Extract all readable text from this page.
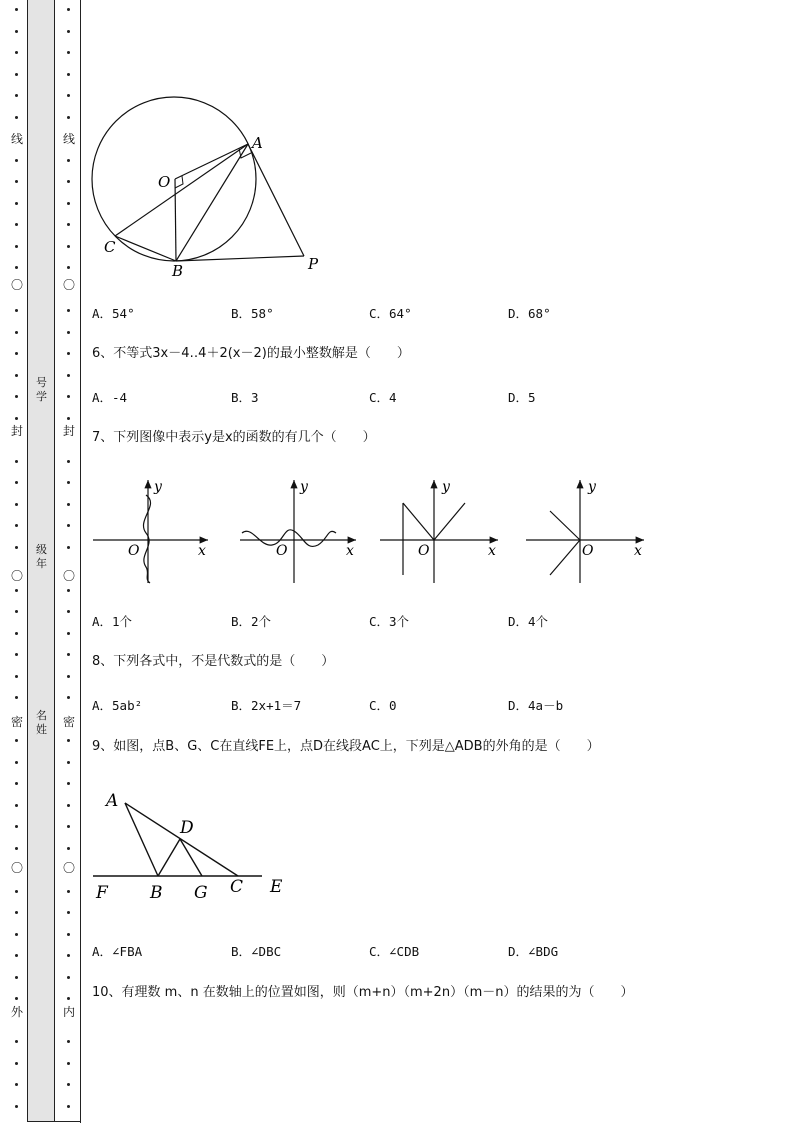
线
〇
封
〇
密
〇
外
线
〇
封
〇
密
〇
内
号
学
级
年
名
姓
A
O
C
B	P
A．54°	B．58°	C．64°	D．68°
6、不等式3x－4‥4＋2(x－2)的最小整数解是（　　）
A．-4	B．3	C．4	D．5
7、下列图像中表示y是x的函数的有几个（　　）
y
O	x
y
O	x
y
O	x
y
O	x
A．1个	B．2个	C．3个	D．4个
8、下列各式中，不是代数式的是（　　）
A．5ab²	B．2x+1＝7	C．0	D．4a－b
9、如图，点B、G、C在直线FE上，点D在线段AC上，下列是△ADB的外角的是（　　）
A
D
F B G C E
A．∠FBA	B．∠DBC	C．∠CDB	D．∠BDG
10、有理数 m、n 在数轴上的位置如图，则（m+n）（m+2n）（m－n）的结果的为（　　）
